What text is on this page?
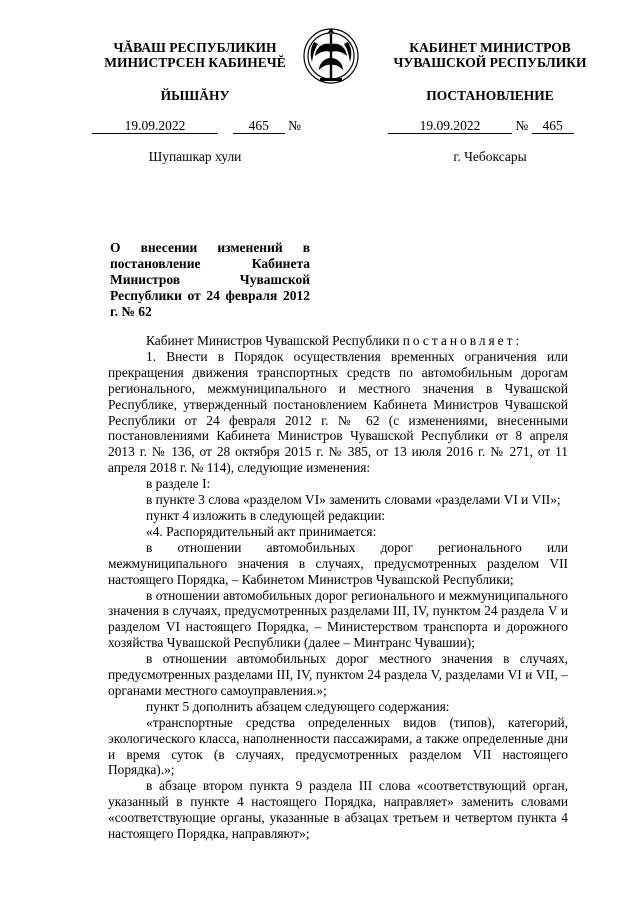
ЧĂВАШ РЕСПУБЛИКИН
МИНИСТРСЕН КАБИНЕЧĔ
ЙЫШĂНУ
КАБИНЕТ МИНИСТРОВ
ЧУВАШСКОЙ РЕСПУБЛИКИ
ПОСТАНОВЛЕНИЕ
19.09.2022	465 №	19.09.2022	№ 465
Шупашкар хули	г. Чебоксары
О внесении изменений в постановление Кабинета Министров Чувашской Республики от 24 февраля 2012 г. № 62

Кабинет Министров Чувашской Республики постановляет:

1. Внести в Порядок осуществления временных ограничения или прекращения движения транспортных средств по автомобильным дорогам регионального, межмуниципального и местного значения в Чувашской Республике, утвержденный постановлением Кабинета Министров Чувашской Республики от 24 февраля 2012 г. № 62 (с изменениями, внесенными постановлениями Кабинета Министров Чувашской Республики от 8 апреля 2013 г. № 136, от 28 октября 2015 г. № 385, от 13 июля 2016 г. № 271, от 11 апреля 2018 г. № 114), следующие изменения:

в разделе I:

в пункте 3 слова «разделом VI» заменить словами «разделами VI и VII»;

пункт 4 изложить в следующей редакции:

«4. Распорядительный акт принимается:

в отношении автомобильных дорог регионального или межмуниципального значения в случаях, предусмотренных разделом VII настоящего Порядка, – Кабинетом Министров Чувашской Республики;

в отношении автомобильных дорог регионального и межмуниципального значения в случаях, предусмотренных разделами III, IV, пунктом 24 раздела V и разделом VI настоящего Порядка, – Министерством транспорта и дорожного хозяйства Чувашской Республики (далее – Минтранс Чувашии);

в отношении автомобильных дорог местного значения в случаях, предусмотренных разделами III, IV, пунктом 24 раздела V, разделами VI и VII, – органами местного самоуправления.»;

пункт 5 дополнить абзацем следующего содержания:

«транспортные средства определенных видов (типов), категорий, экологического класса, наполненности пассажирами, а также определенные дни и время суток (в случаях, предусмотренных разделом VII настоящего Порядка).»;

в абзаце втором пункта 9 раздела III слова «соответствующий орган, указанный в пункте 4 настоящего Порядка, направляет» заменить словами «соответствующие органы, указанные в абзацах третьем и четвертом пункта 4 настоящего Порядка, направляют»;
